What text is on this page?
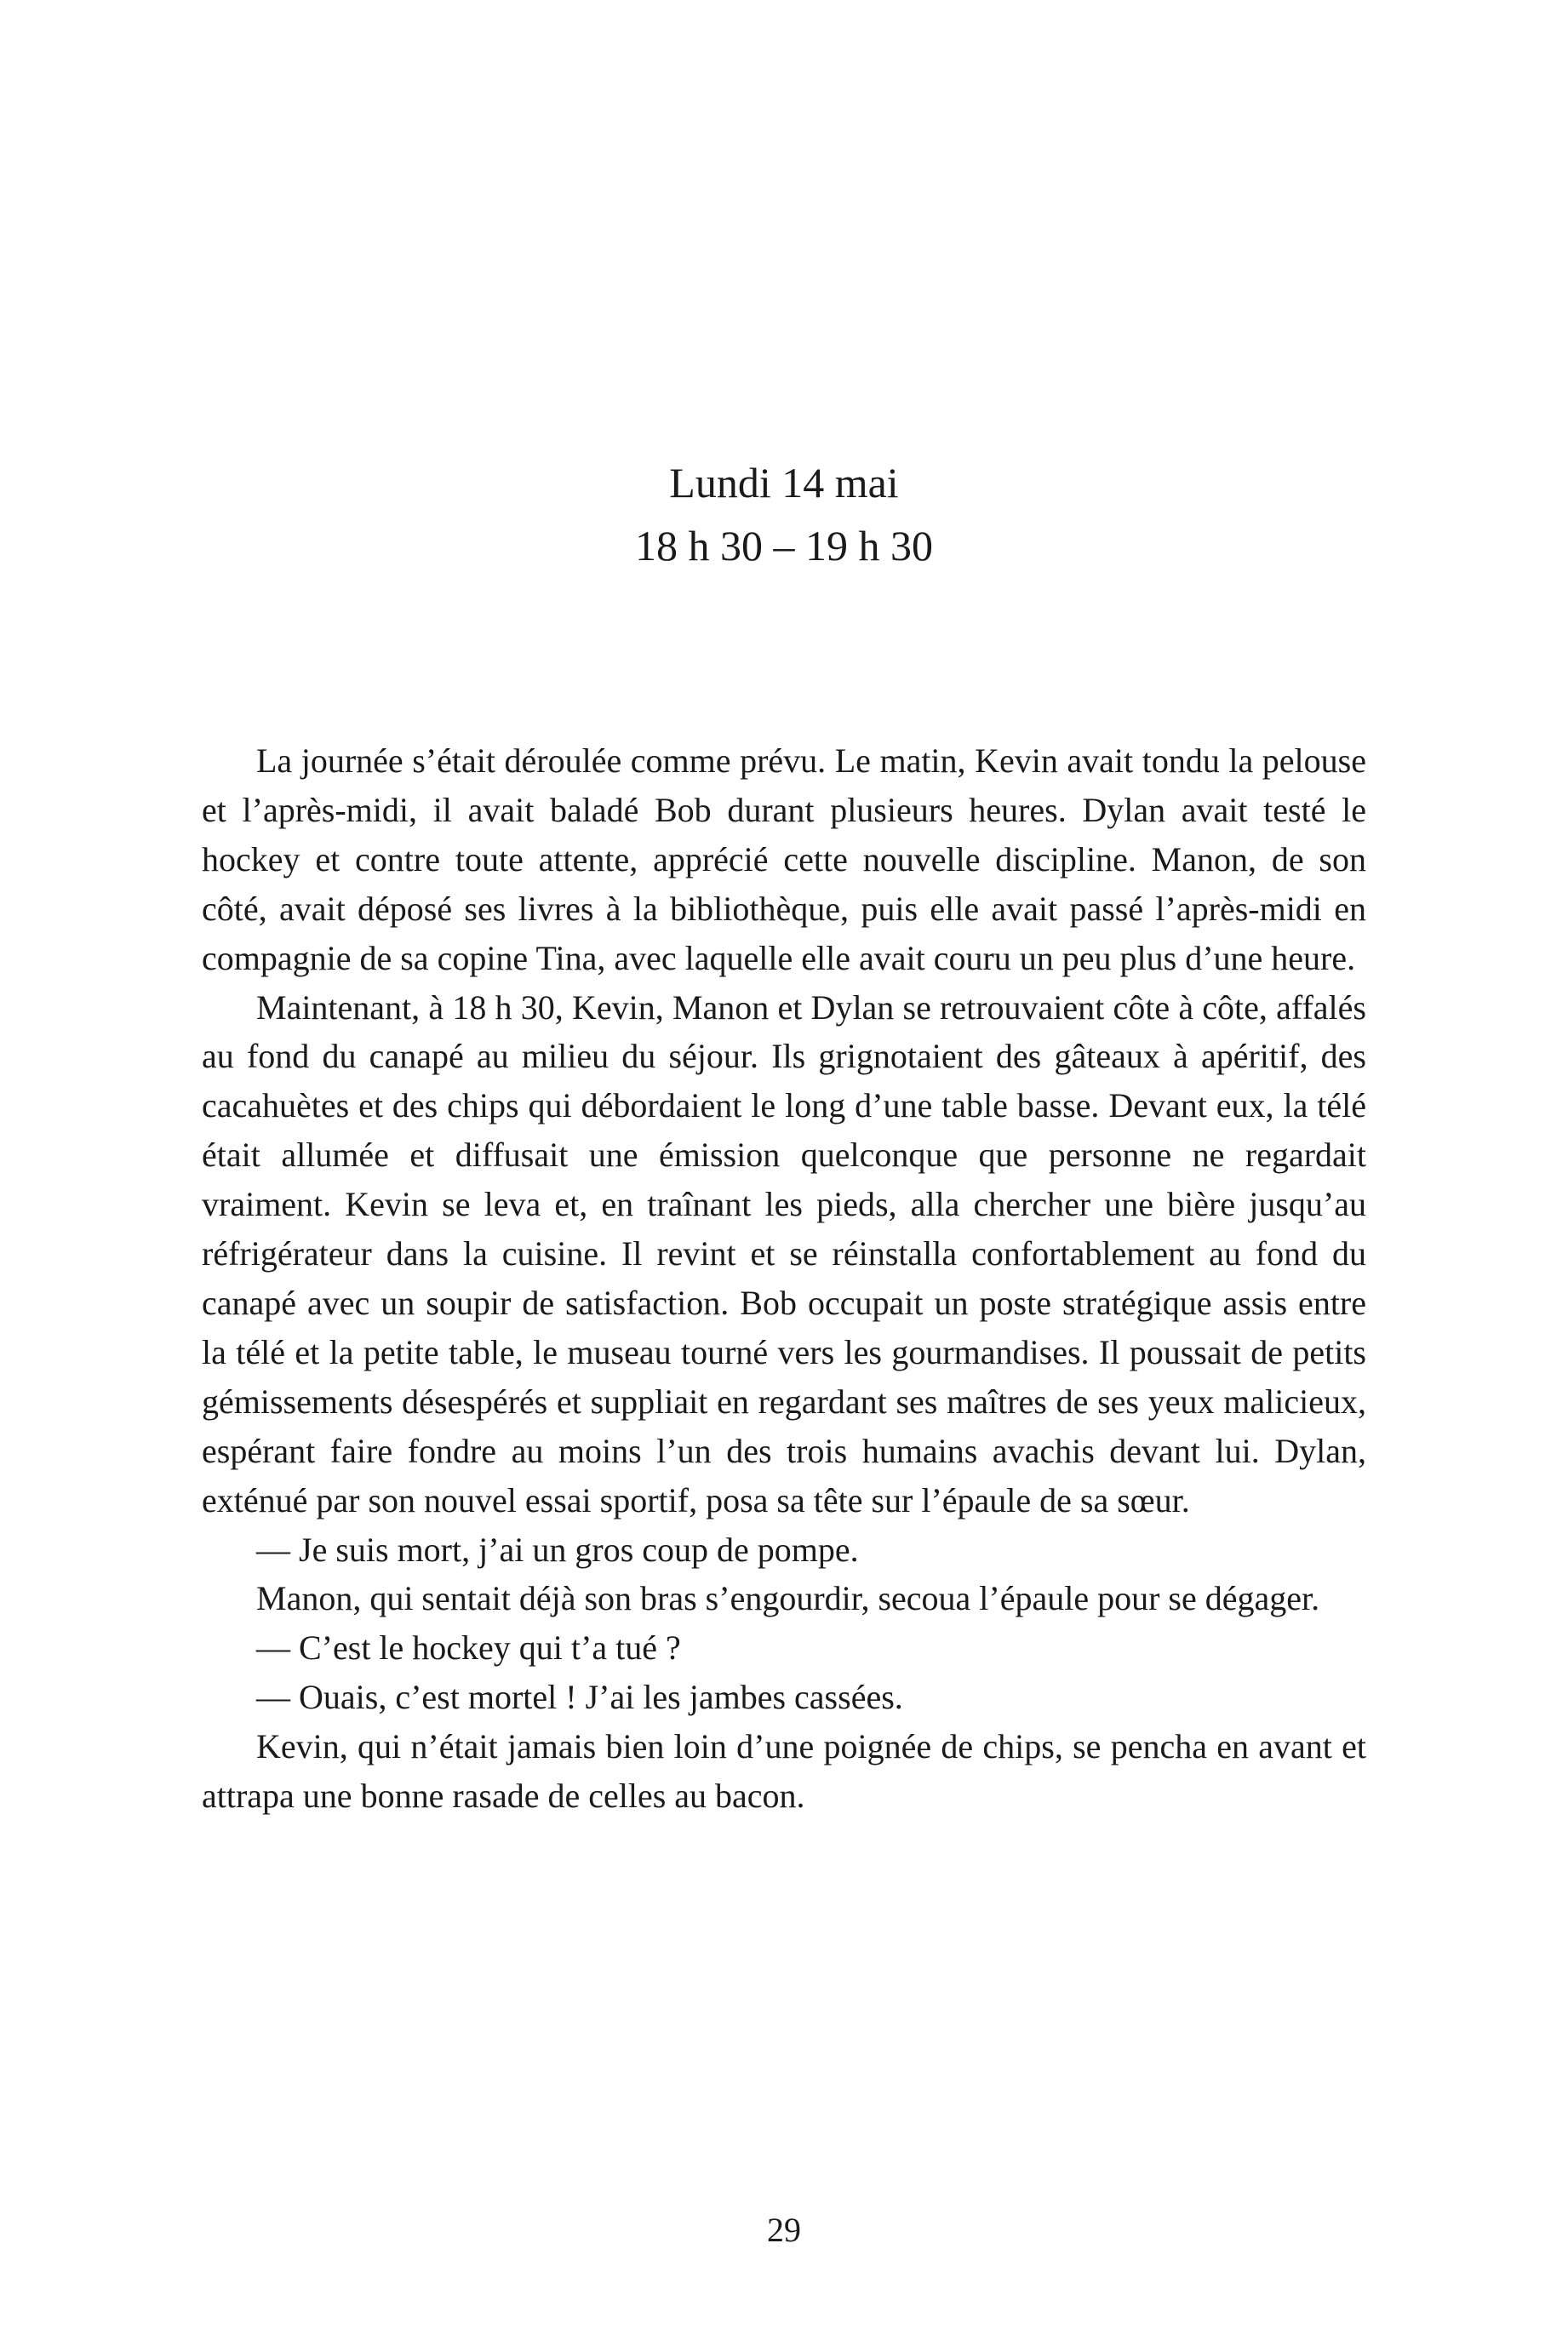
Lundi 14 mai
18 h 30 – 19 h 30

La journée s’était déroulée comme prévu. Le matin, Kevin avait tondu la pelouse et l’après-midi, il avait baladé Bob durant plusieurs heures. Dylan avait testé le hockey et contre toute attente, apprécié cette nouvelle discipline. Manon, de son côté, avait déposé ses livres à la bibliothèque, puis elle avait passé l’après-midi en compagnie de sa copine Tina, avec laquelle elle avait couru un peu plus d’une heure.

Maintenant, à 18 h 30, Kevin, Manon et Dylan se retrouvaient côte à côte, affalés au fond du canapé au milieu du séjour. Ils grignotaient des gâteaux à apéritif, des cacahuètes et des chips qui débordaient le long d’une table basse. Devant eux, la télé était allumée et diffusait une émission quelconque que personne ne regardait vraiment. Kevin se leva et, en traînant les pieds, alla chercher une bière jusqu’au réfrigérateur dans la cuisine. Il revint et se réinstalla confortablement au fond du canapé avec un soupir de satisfaction. Bob occupait un poste stratégique assis entre la télé et la petite table, le museau tourné vers les gourmandises. Il poussait de petits gémissements désespérés et suppliait en regardant ses maîtres de ses yeux malicieux, espérant faire fondre au moins l’un des trois humains avachis devant lui. Dylan, exténué par son nouvel essai sportif, posa sa tête sur l’épaule de sa sœur.

— Je suis mort, j’ai un gros coup de pompe.

Manon, qui sentait déjà son bras s’engourdir, secoua l’épaule pour se dégager.

— C’est le hockey qui t’a tué ?

— Ouais, c’est mortel ! J’ai les jambes cassées.

Kevin, qui n’était jamais bien loin d’une poignée de chips, se pencha en avant et attrapa une bonne rasade de celles au bacon.

29
